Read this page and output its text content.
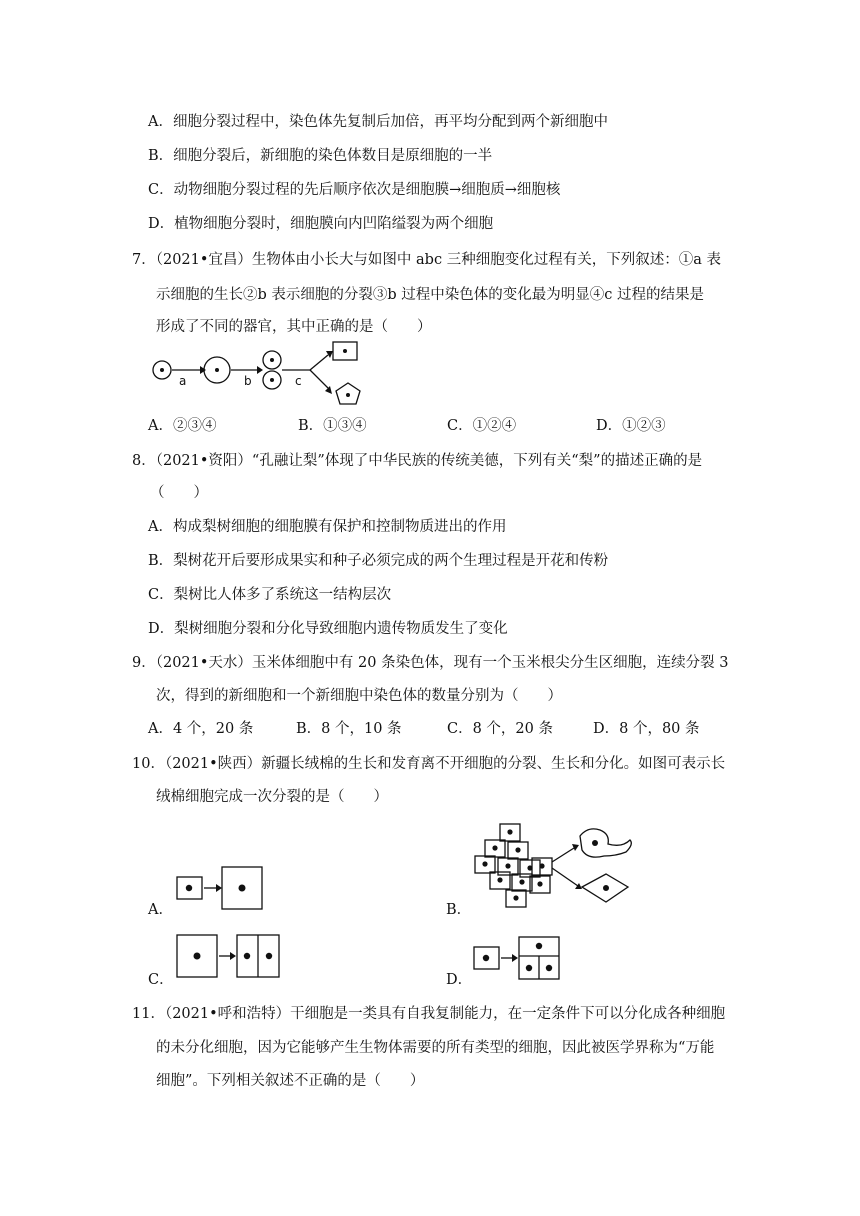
A．细胞分裂过程中，染色体先复制后加倍，再平均分配到两个新细胞中
B．细胞分裂后，新细胞的染色体数目是原细胞的一半
C．动物细胞分裂过程的先后顺序依次是细胞膜→细胞质→细胞核
D．植物细胞分裂时，细胞膜向内凹陷缢裂为两个细胞
7．（2021•宜昌）生物体由小长大与如图中 abc 三种细胞变化过程有关，下列叙述：①a 表
示细胞的生长②b 表示细胞的分裂③b 过程中染色体的变化最为明显④c 过程的结果是
形成了不同的器官，其中正确的是（　　）
a	b	c
A．②③④	B．①③④	C．①②④	D．①②③
8．（2021•资阳）“孔融让梨”体现了中华民族的传统美德，下列有关“梨”的描述正确的是
（　　）
A．构成梨树细胞的细胞膜有保护和控制物质进出的作用
B．梨树花开后要形成果实和种子必须完成的两个生理过程是开花和传粉
C．梨树比人体多了系统这一结构层次
D．梨树细胞分裂和分化导致细胞内遗传物质发生了变化
9．（2021•天水）玉米体细胞中有 20 条染色体，现有一个玉米根尖分生区细胞，连续分裂 3
次，得到的新细胞和一个新细胞中染色体的数量分别为（　　）
A．4 个，20 条	B．8 个，10 条	C．8 个，20 条	D．8 个，80 条
10．（2021•陕西）新疆长绒棉的生长和发育离不开细胞的分裂、生长和分化。如图可表示长
绒棉细胞完成一次分裂的是（　　）
A．	B．
C．	D．
11．（2021•呼和浩特）干细胞是一类具有自我复制能力，在一定条件下可以分化成各种细胞
的未分化细胞，因为它能够产生生物体需要的所有类型的细胞，因此被医学界称为“万能
细胞”。下列相关叙述不正确的是（　　）
